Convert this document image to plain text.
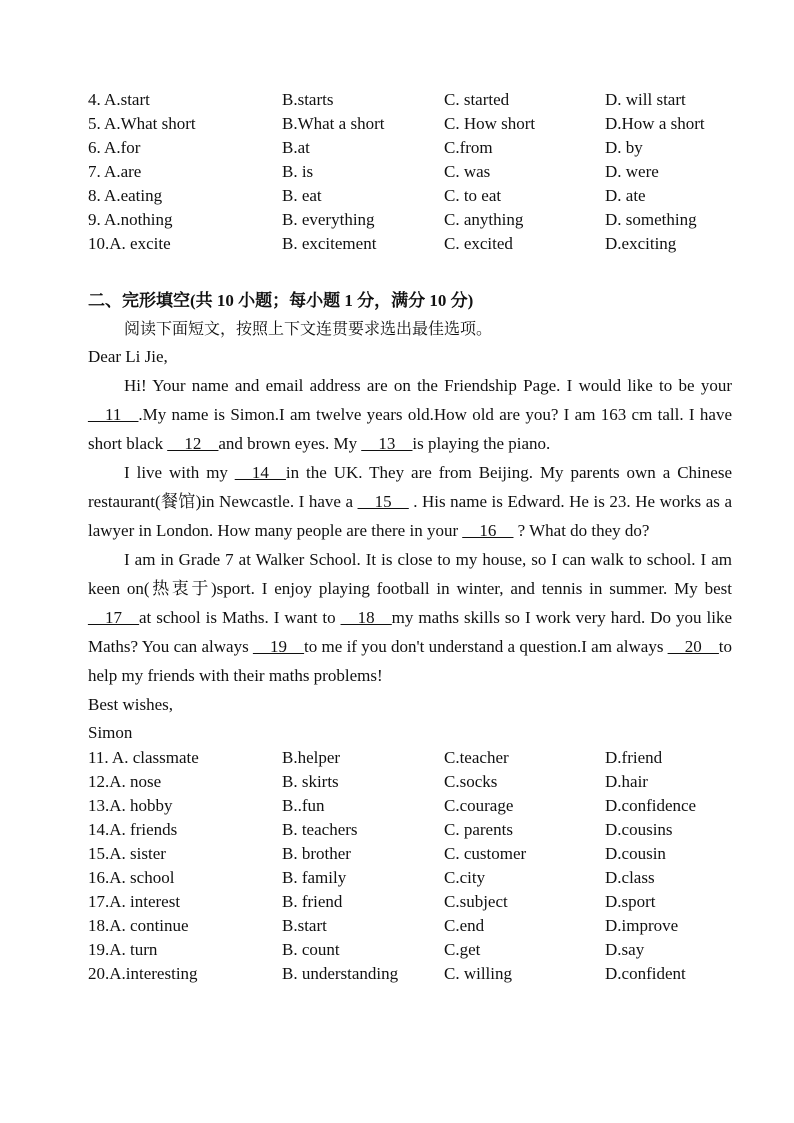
4. A.start	B.starts	C. started	D. will start
5. A.What short	B.What a short	C. How short	D.How a short
6. A.for	B.at	C.from	D. by
7. A.are	B. is	C. was	D. were
8. A.eating	B. eat	C. to eat	D. ate
9. A.nothing	B. everything	C. anything	D. something
10.A. excite	B. excitement	C. excited	D.exciting
二、完形填空(共 10 小题；每小题 1 分，满分 10 分)
阅读下面短文，按照上下文连贯要求选出最佳选项。
Dear Li Jie,

Hi! Your name and email address are on the Friendship Page. I would like to be your __11__.My name is Simon.I am twelve years old.How old are you? I am 163 cm tall. I have short black __12__and brown eyes. My __13__is playing the piano.

I live with my __14__in the UK. They are from Beijing. My parents own a Chinese restaurant(餐馆)in Newcastle. I have a __15__ . His name is Edward. He is 23. He works as a lawyer in London. How many people are there in your __16__ ? What do they do?

I am in Grade 7 at Walker School. It is close to my house, so I can walk to school. I am keen on(热衷于)sport. I enjoy playing football in winter, and tennis in summer. My best __17__at school is Maths. I want to __18__my maths skills so I work very hard. Do you like Maths? You can always __19__to me if you don't understand a question.I am always __20__to help my friends with their maths problems!

Best wishes,
Simon
11. A. classmate	B.helper	C.teacher	D.friend
12.A. nose	B. skirts	C.socks	D.hair
13.A. hobby	B..fun	C.courage	D.confidence
14.A. friends	B. teachers	C. parents	D.cousins
15.A. sister	B. brother	C. customer	D.cousin
16.A. school	B. family	C.city	D.class
17.A. interest	B. friend	C.subject	D.sport
18.A. continue	B.start	C.end	D.improve
19.A. turn	B. count	C.get	D.say
20.A.interesting	B. understanding	C. willing	D.confident
